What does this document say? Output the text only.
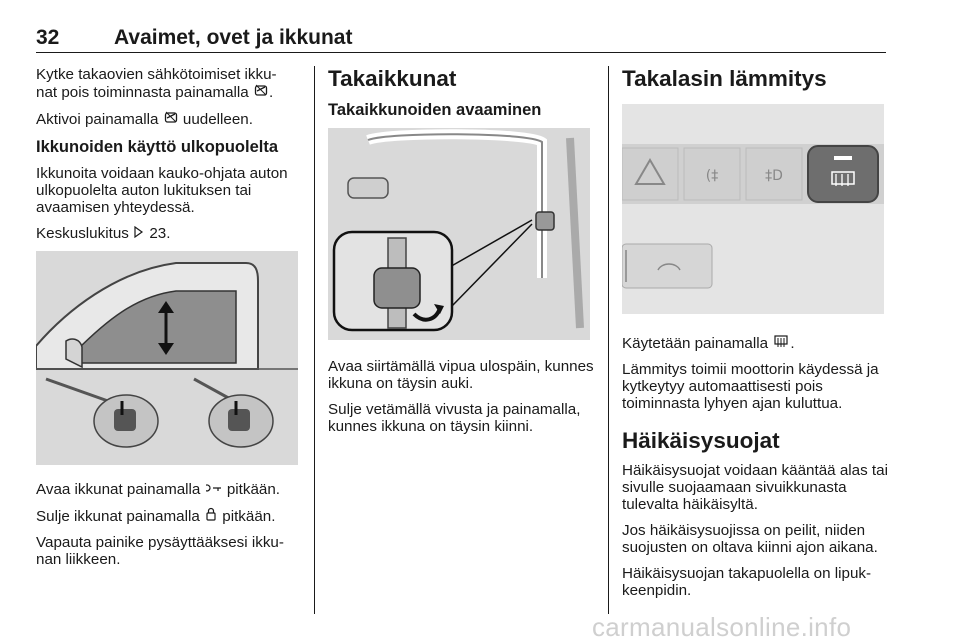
32	Avaimet, ovet ja ikkunat

Kytke takaovien sähkötoimiset ikku-
nat pois toiminnasta painamalla .

Aktivoi painamalla uudelleen.

Ikkunoiden käyttö ulkopuolelta

Ikkunoita voidaan kauko-ohjata auton ulkopuolelta auton lukituksen tai avaamisen yhteydessä.

Keskuslukitus 23.

Avaa ikkunat painamalla pitkään.

Sulje ikkunat painamalla pitkään.

Vapauta painike pysäyttääksesi ikku-nan liikkeen.

Takaikkunat
Takaikkunoiden avaaminen

Avaa siirtämällä vipua ulospäin, kunnes ikkuna on täysin auki.

Sulje vetämällä vivusta ja painamalla, kunnes ikkuna on täysin kiinni.

Takalasin lämmitys
(‡	‡D

Käytetään painamalla .

Lämmitys toimii moottorin käydessä ja kytkeytyy automaattisesti pois toiminnasta lyhyen ajan kuluttua.

Häikäisysuojat

Häikäisysuojat voidaan kääntää alas tai sivulle suojaamaan sivuikkunasta tulevalta häikäisyltä.

Jos häikäisysuojissa on peilit, niiden suojusten on oltava kiinni ajon aikana.

Häikäisysuojan takapuolella on lipuk-keenpidin.

carmanualsonline.info
